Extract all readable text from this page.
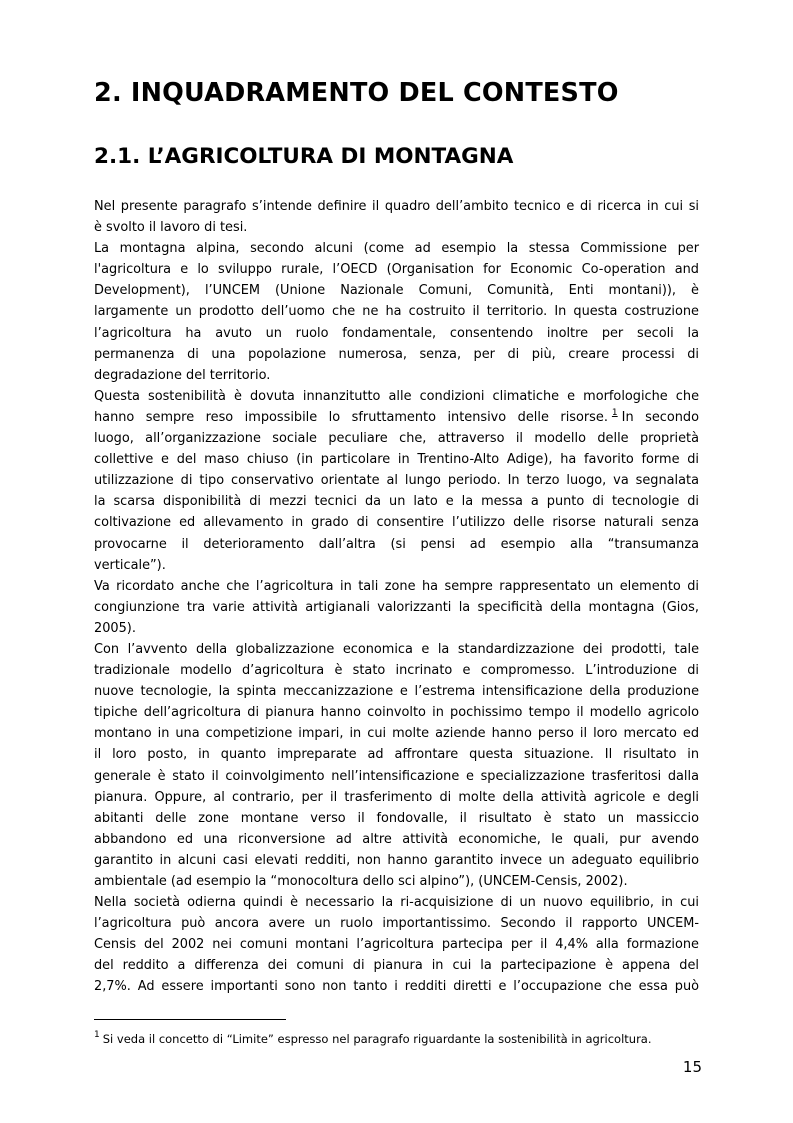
2. INQUADRAMENTO DEL CONTESTO
2.1. L’AGRICOLTURA DI MONTAGNA
Nel presente paragrafo s’intende definire il quadro dell’ambito tecnico e di ricerca in cui si
è svolto il lavoro di tesi.
La montagna alpina, secondo alcuni (come ad esempio la stessa Commissione per
l'agricoltura e lo sviluppo rurale, l’OECD (Organisation for Economic Co-operation and
Development), l’UNCEM (Unione Nazionale Comuni, Comunità, Enti montani)), è
largamente un prodotto dell’uomo che ne ha costruito il territorio. In questa costruzione
l’agricoltura ha avuto un ruolo fondamentale, consentendo inoltre per secoli la
permanenza di una popolazione numerosa, senza, per di più, creare processi di
degradazione del territorio.
Questa sostenibilità è dovuta innanzitutto alle condizioni climatiche e morfologiche che
hanno sempre reso impossibile lo sfruttamento intensivo delle risorse. $^1$ In secondo
luogo, all’organizzazione sociale peculiare che, attraverso il modello delle proprietà
collettive e del maso chiuso (in particolare in Trentino-Alto Adige), ha favorito forme di
utilizzazione di tipo conservativo orientate al lungo periodo. In terzo luogo, va segnalata
la scarsa disponibilità di mezzi tecnici da un lato e la messa a punto di tecnologie di
coltivazione ed allevamento in grado di consentire l’utilizzo delle risorse naturali senza
provocarne il deterioramento dall’altra (si pensi ad esempio alla “transumanza
verticale”).
Va ricordato anche che l’agricoltura in tali zone ha sempre rappresentato un elemento di
congiunzione tra varie attività artigianali valorizzanti la specificità della montagna (Gios,
2005).
Con l’avvento della globalizzazione economica e la standardizzazione dei prodotti, tale
tradizionale modello d’agricoltura è stato incrinato e compromesso. L’introduzione di
nuove tecnologie, la spinta meccanizzazione e l’estrema intensificazione della produzione
tipiche dell’agricoltura di pianura hanno coinvolto in pochissimo tempo il modello agricolo
montano in una competizione impari, in cui molte aziende hanno perso il loro mercato ed
il loro posto, in quanto impreparate ad affrontare questa situazione. Il risultato in
generale è stato il coinvolgimento nell’intensificazione e specializzazione trasferitosi dalla
pianura. Oppure, al contrario, per il trasferimento di molte della attività agricole e degli
abitanti delle zone montane verso il fondovalle, il risultato è stato un massiccio
abbandono ed una riconversione ad altre attività economiche, le quali, pur avendo
garantito in alcuni casi elevati redditi, non hanno garantito invece un adeguato equilibrio
ambientale (ad esempio la “monocoltura dello sci alpino”), (UNCEM-Censis, 2002).
Nella società odierna quindi è necessario la ri-acquisizione di un nuovo equilibrio, in cui
l’agricoltura può ancora avere un ruolo importantissimo. Secondo il rapporto UNCEM-
Censis del 2002 nei comuni montani l’agricoltura partecipa per il 4,4% alla formazione
del reddito a differenza dei comuni di pianura in cui la partecipazione è appena del
2,7%. Ad essere importanti sono non tanto i redditi diretti e l’occupazione che essa può
$^1$ Si veda il concetto di “Limite” espresso nel paragrafo riguardante la sostenibilità in agricoltura.
15
